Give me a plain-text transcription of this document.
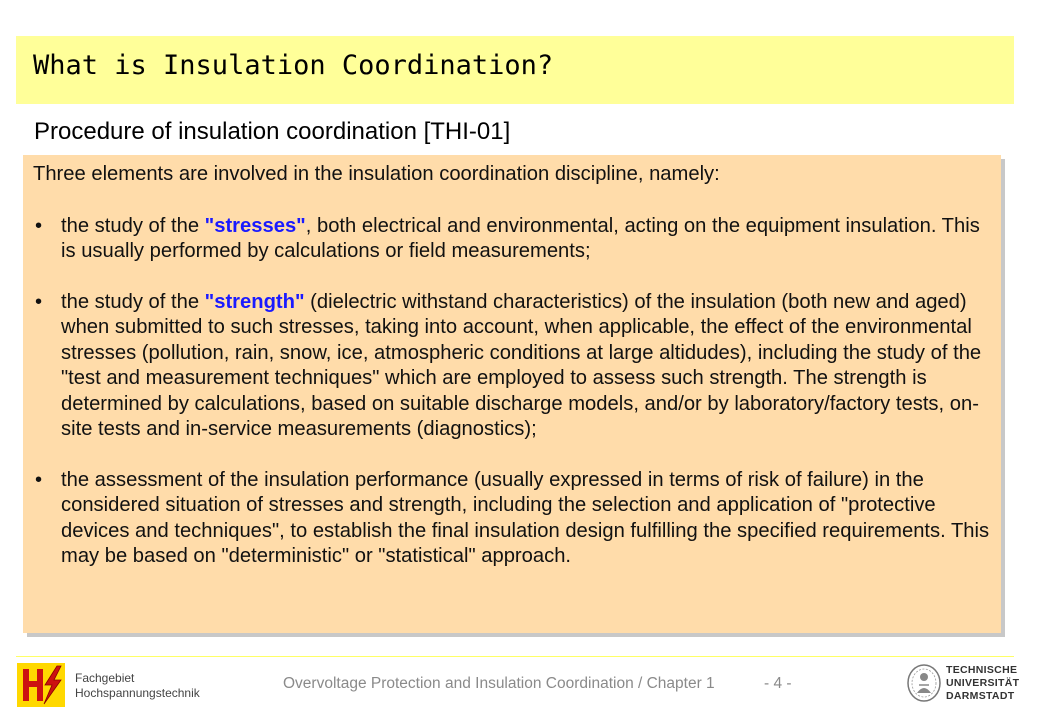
What is Insulation Coordination?
Procedure of insulation coordination [THI-01]

Three elements are involved in the insulation coordination discipline, namely:

• the study of the "stresses", both electrical and environmental, acting on the equipment insulation. This is usually performed by calculations or field measurements;

• the study of the "strength" (dielectric withstand characteristics) of the insulation (both new and aged) when submitted to such stresses, taking into account, when applicable, the effect of the environmental stresses (pollution, rain, snow, ice, atmospheric conditions at large altidudes), including the study of the "test and measurement techniques" which are employed to assess such strength. The strength is determined by calculations, based on suitable discharge models, and/or by laboratory/factory tests, on-site tests and in-service measurements (diagnostics);

• the assessment of the insulation performance (usually expressed in terms of risk of failure) in the considered situation of stresses and strength, including the selection and application of "protective devices and techniques", to establish the final insulation design fulfilling the specified requirements. This may be based on "deterministic" or "statistical" approach.

Fachgebiet
Hochspannungstechnik
Overvoltage Protection and Insulation Coordination / Chapter 1	- 4 -
TECHNISCHE
UNIVERSITÄT
DARMSTADT
